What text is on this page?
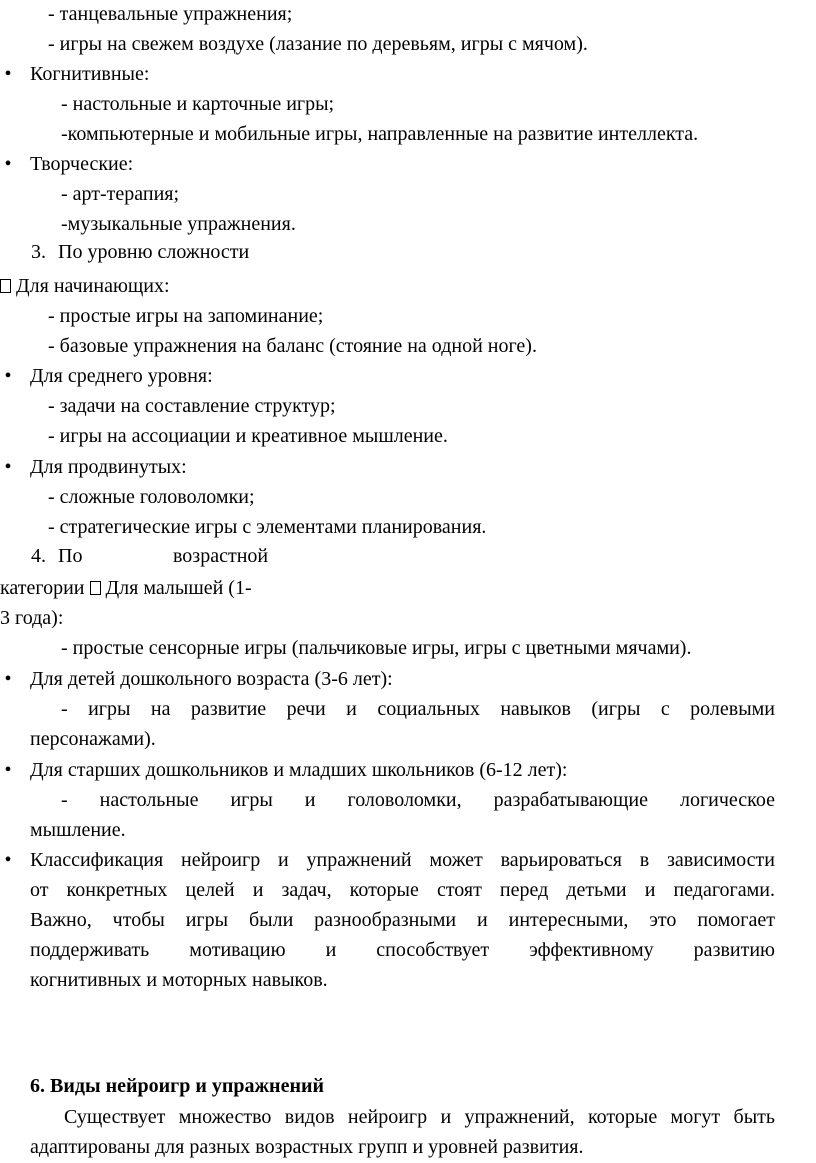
- танцевальные упражнения;
- игры на свежем воздухе (лазание по деревьям, игры с мячом).
• Когнитивные:
- настольные и карточные игры;
-компьютерные и мобильные игры, направленные на развитие интеллекта.
• Творческие:
- арт-терапия;
-музыкальные упражнения.
3. По уровню сложности
Для начинающих:
- простые игры на запоминание;
- базовые упражнения на баланс (стояние на одной ноге).
• Для среднего уровня:
- задачи на составление структур;
- игры на ассоциации и креативное мышление.
• Для продвинутых:
- сложные головоломки;
- стратегические игры с элементами планирования.
4. По	возрастной
категории Для малышей (1-
3 года):
- простые сенсорные игры (пальчиковые игры, игры с цветными мячами).
• Для детей дошкольного возраста (3-6 лет):
- игры на развитие речи и социальных навыков (игры с ролевыми
персонажами).
• Для старших дошкольников и младших школьников (6-12 лет):
- настольные игры и головоломки, разрабатывающие логическое
мышление.
• Классификация нейроигр и упражнений может варьироваться в зависимости
от конкретных целей и задач, которые стоят перед детьми и педагогами.
Важно, чтобы игры были разнообразными и интересными, это помогает
поддерживать мотивацию и способствует эффективному развитию
когнитивных и моторных навыков.
6. Виды нейроигр и упражнений
Существует множество видов нейроигр и упражнений, которые могут быть
адаптированы для разных возрастных групп и уровней развития.
